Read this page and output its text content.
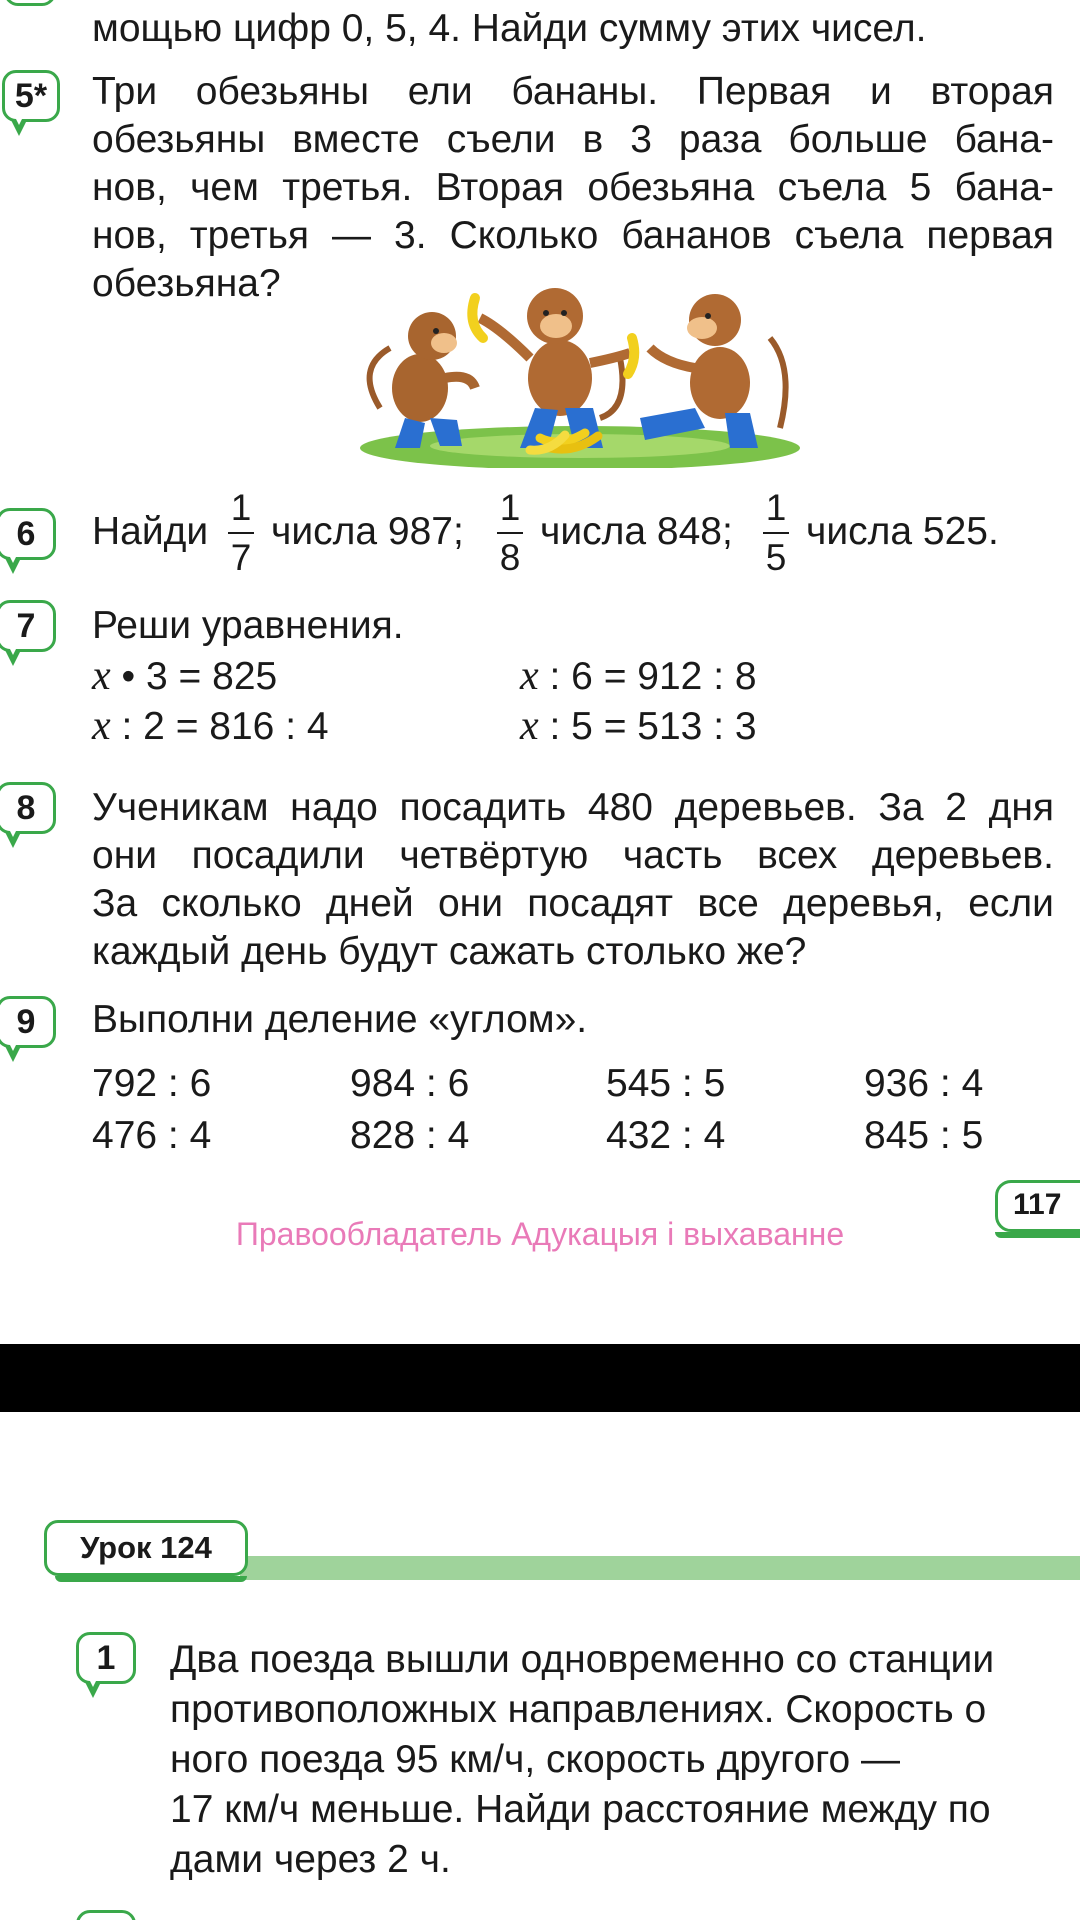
мощью цифр 0, 5, 4. Найди сумму этих чисел.
5*	Три обезьяны ели бананы. Первая и вторая
обезьяны вместе съели в 3 раза больше бана-
нов, чем третья. Вторая обезьяна съела 5 бана-
нов, третья — 3. Сколько бананов съела первая
обезьяна?
6	Найди
1
7
числа 987;
1
8
числа 848;
1
5
числа 525.
7	Реши уравнения.
x • 3 = 825	x : 6 = 912 : 8
x : 2 = 816 : 4	x : 5 = 513 : 3
8	Ученикам надо посадить 480 деревьев. За 2 дня
они посадили четвёртую часть всех деревьев.
За сколько дней они посадят все деревья, если
каждый день будут сажать столько же?
9	Выполни деление «углом».
792 : 6	984 : 6	545 : 5	936 : 4
476 : 4	828 : 4	432 : 4	845 : 5
117
Правообладатель Адукацыя і выхаванне
Урок 124
1	Два поезда вышли одновременно со станции
противоположных направлениях. Скорость о
ного поезда 95 км/ч, скорость другого —
17 км/ч меньше. Найди расстояние между по
дами через 2 ч.
